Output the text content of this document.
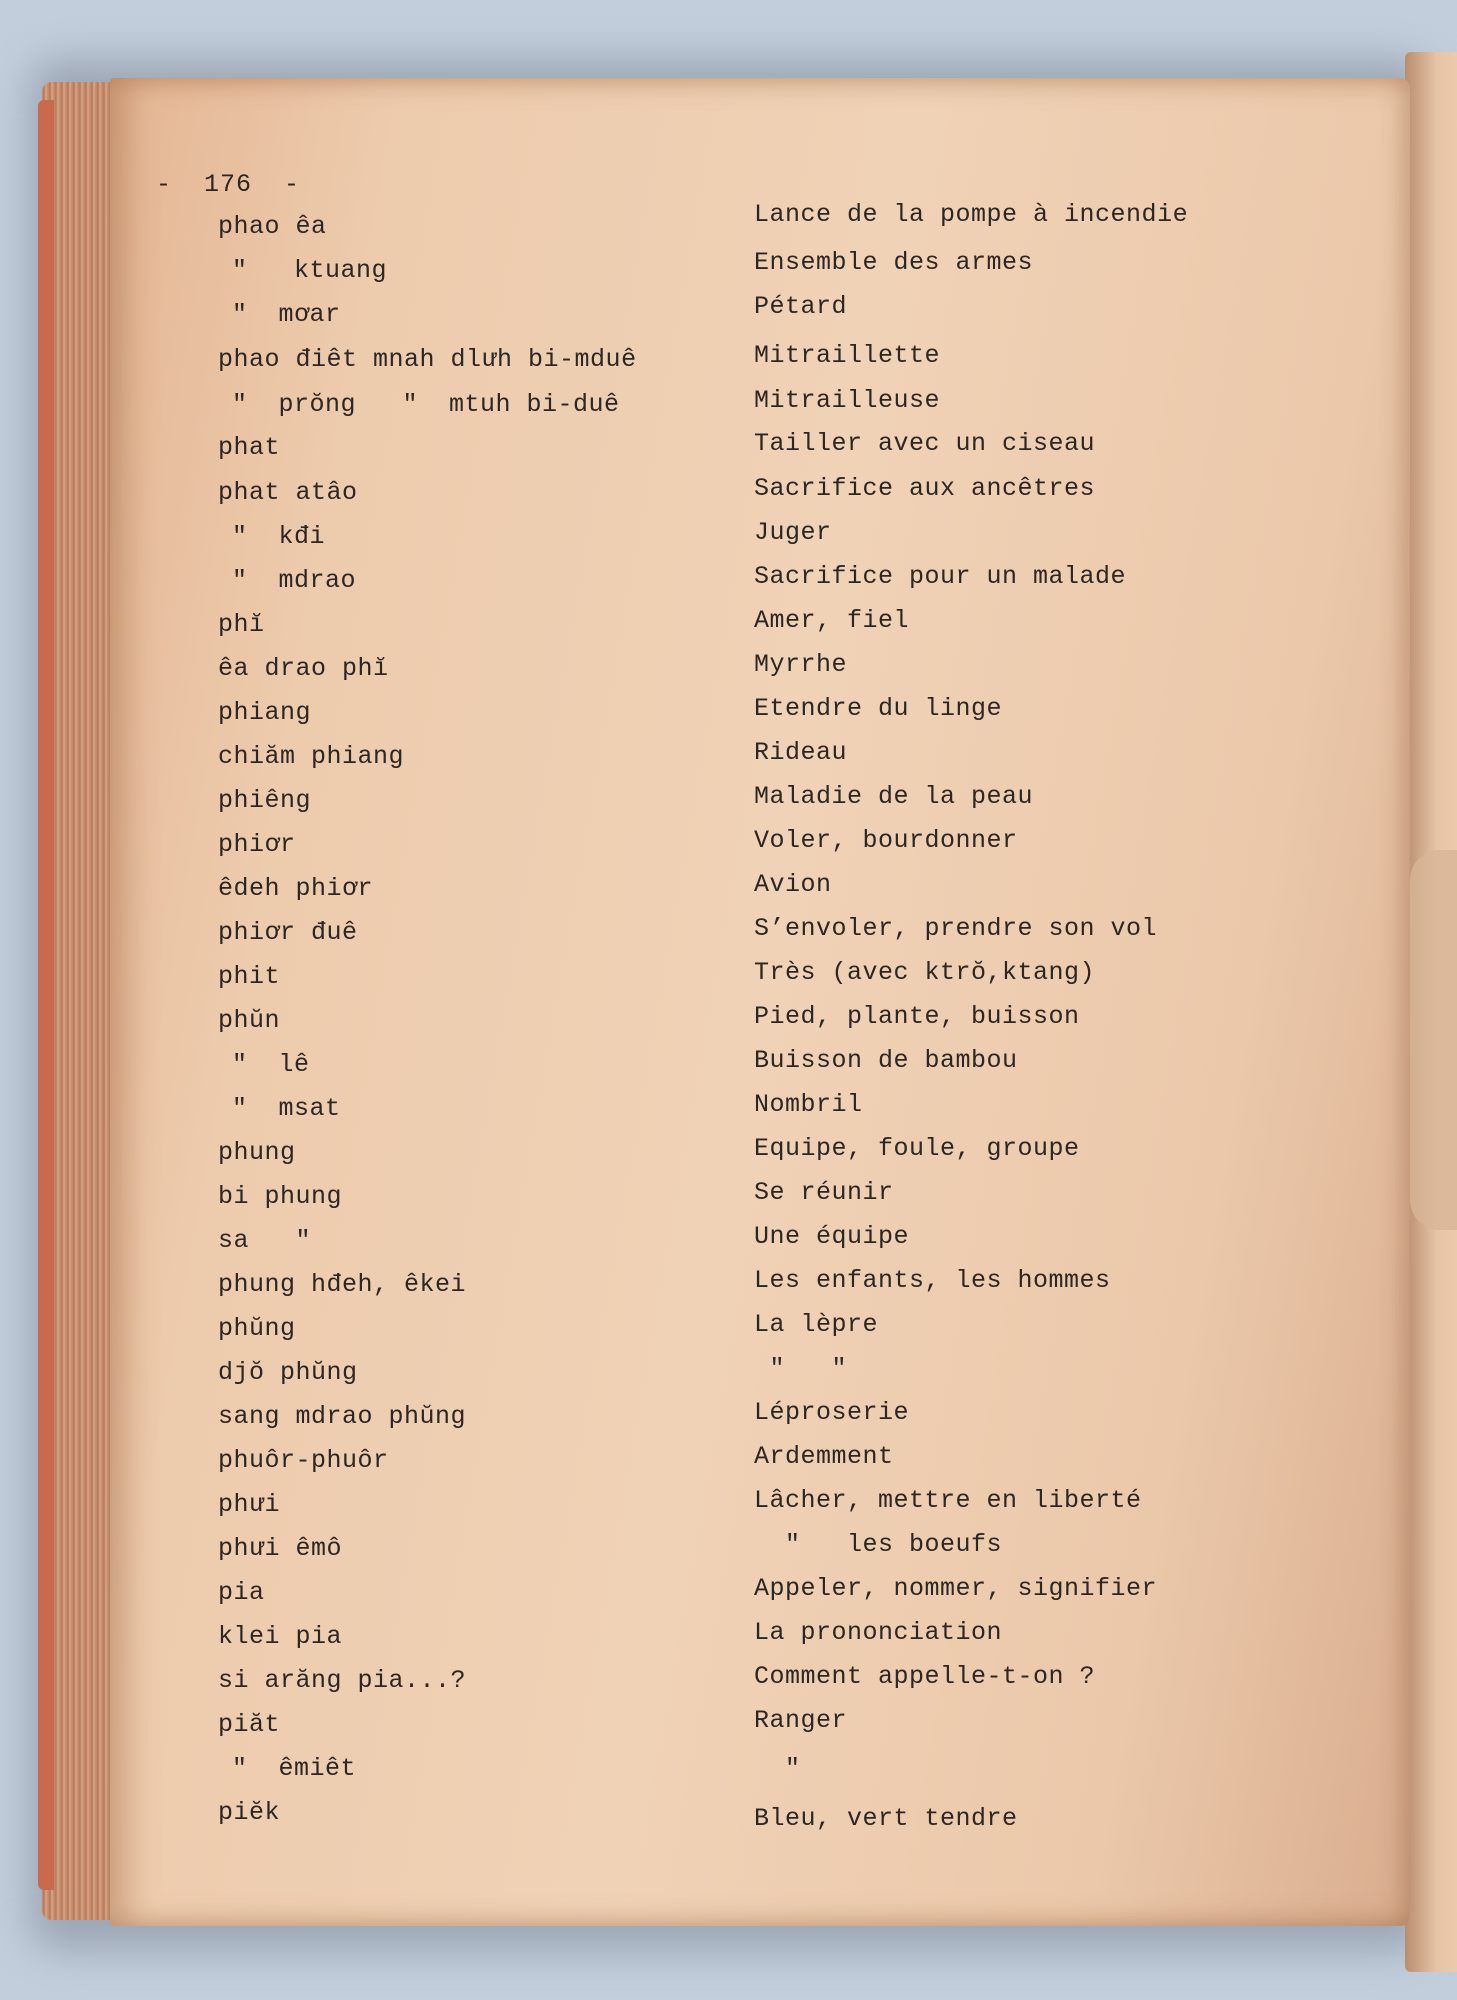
-  176  -
phao êa	Lance de la pompe à incendie
"   ktuang	Ensemble des armes
"  mơar	Pétard
phao điêt mnah dlưh bi-mduê	Mitraillette
"  prŏng   "  mtuh bi-duê	Mitrailleuse
phat	Tailler avec un ciseau
phat atâo	Sacrifice aux ancêtres
"  kđi	Juger
"  mdrao	Sacrifice pour un malade
phĭ	Amer, fiel
êa drao phĭ	Myrrhe
phiang	Etendre du linge
chiăm phiang	Rideau
phiêng	Maladie de la peau
phiơr	Voler, bourdonner
êdeh phiơr	Avion
phiơr đuê	S’envoler, prendre son vol
phit	Très (avec ktrŏ,ktang)
phŭn	Pied, plante, buisson
"  lê	Buisson de bambou
"  msat	Nombril
phung	Equipe, foule, groupe
bi phung	Se réunir
sa   "	Une équipe
phung hđeh, êkei	Les enfants, les hommes
phŭng	La lèpre
djŏ phŭng	"   "
sang mdrao phŭng	Léproserie
phuôr-phuôr	Ardemment
phưi	Lâcher, mettre en liberté
phưi êmô	"   les boeufs
pia	Appeler, nommer, signifier
klei pia	La prononciation
si arăng pia...?	Comment appelle-t-on ?
piăt	Ranger
"  êmiêt	"
piĕk	Bleu, vert tendre
